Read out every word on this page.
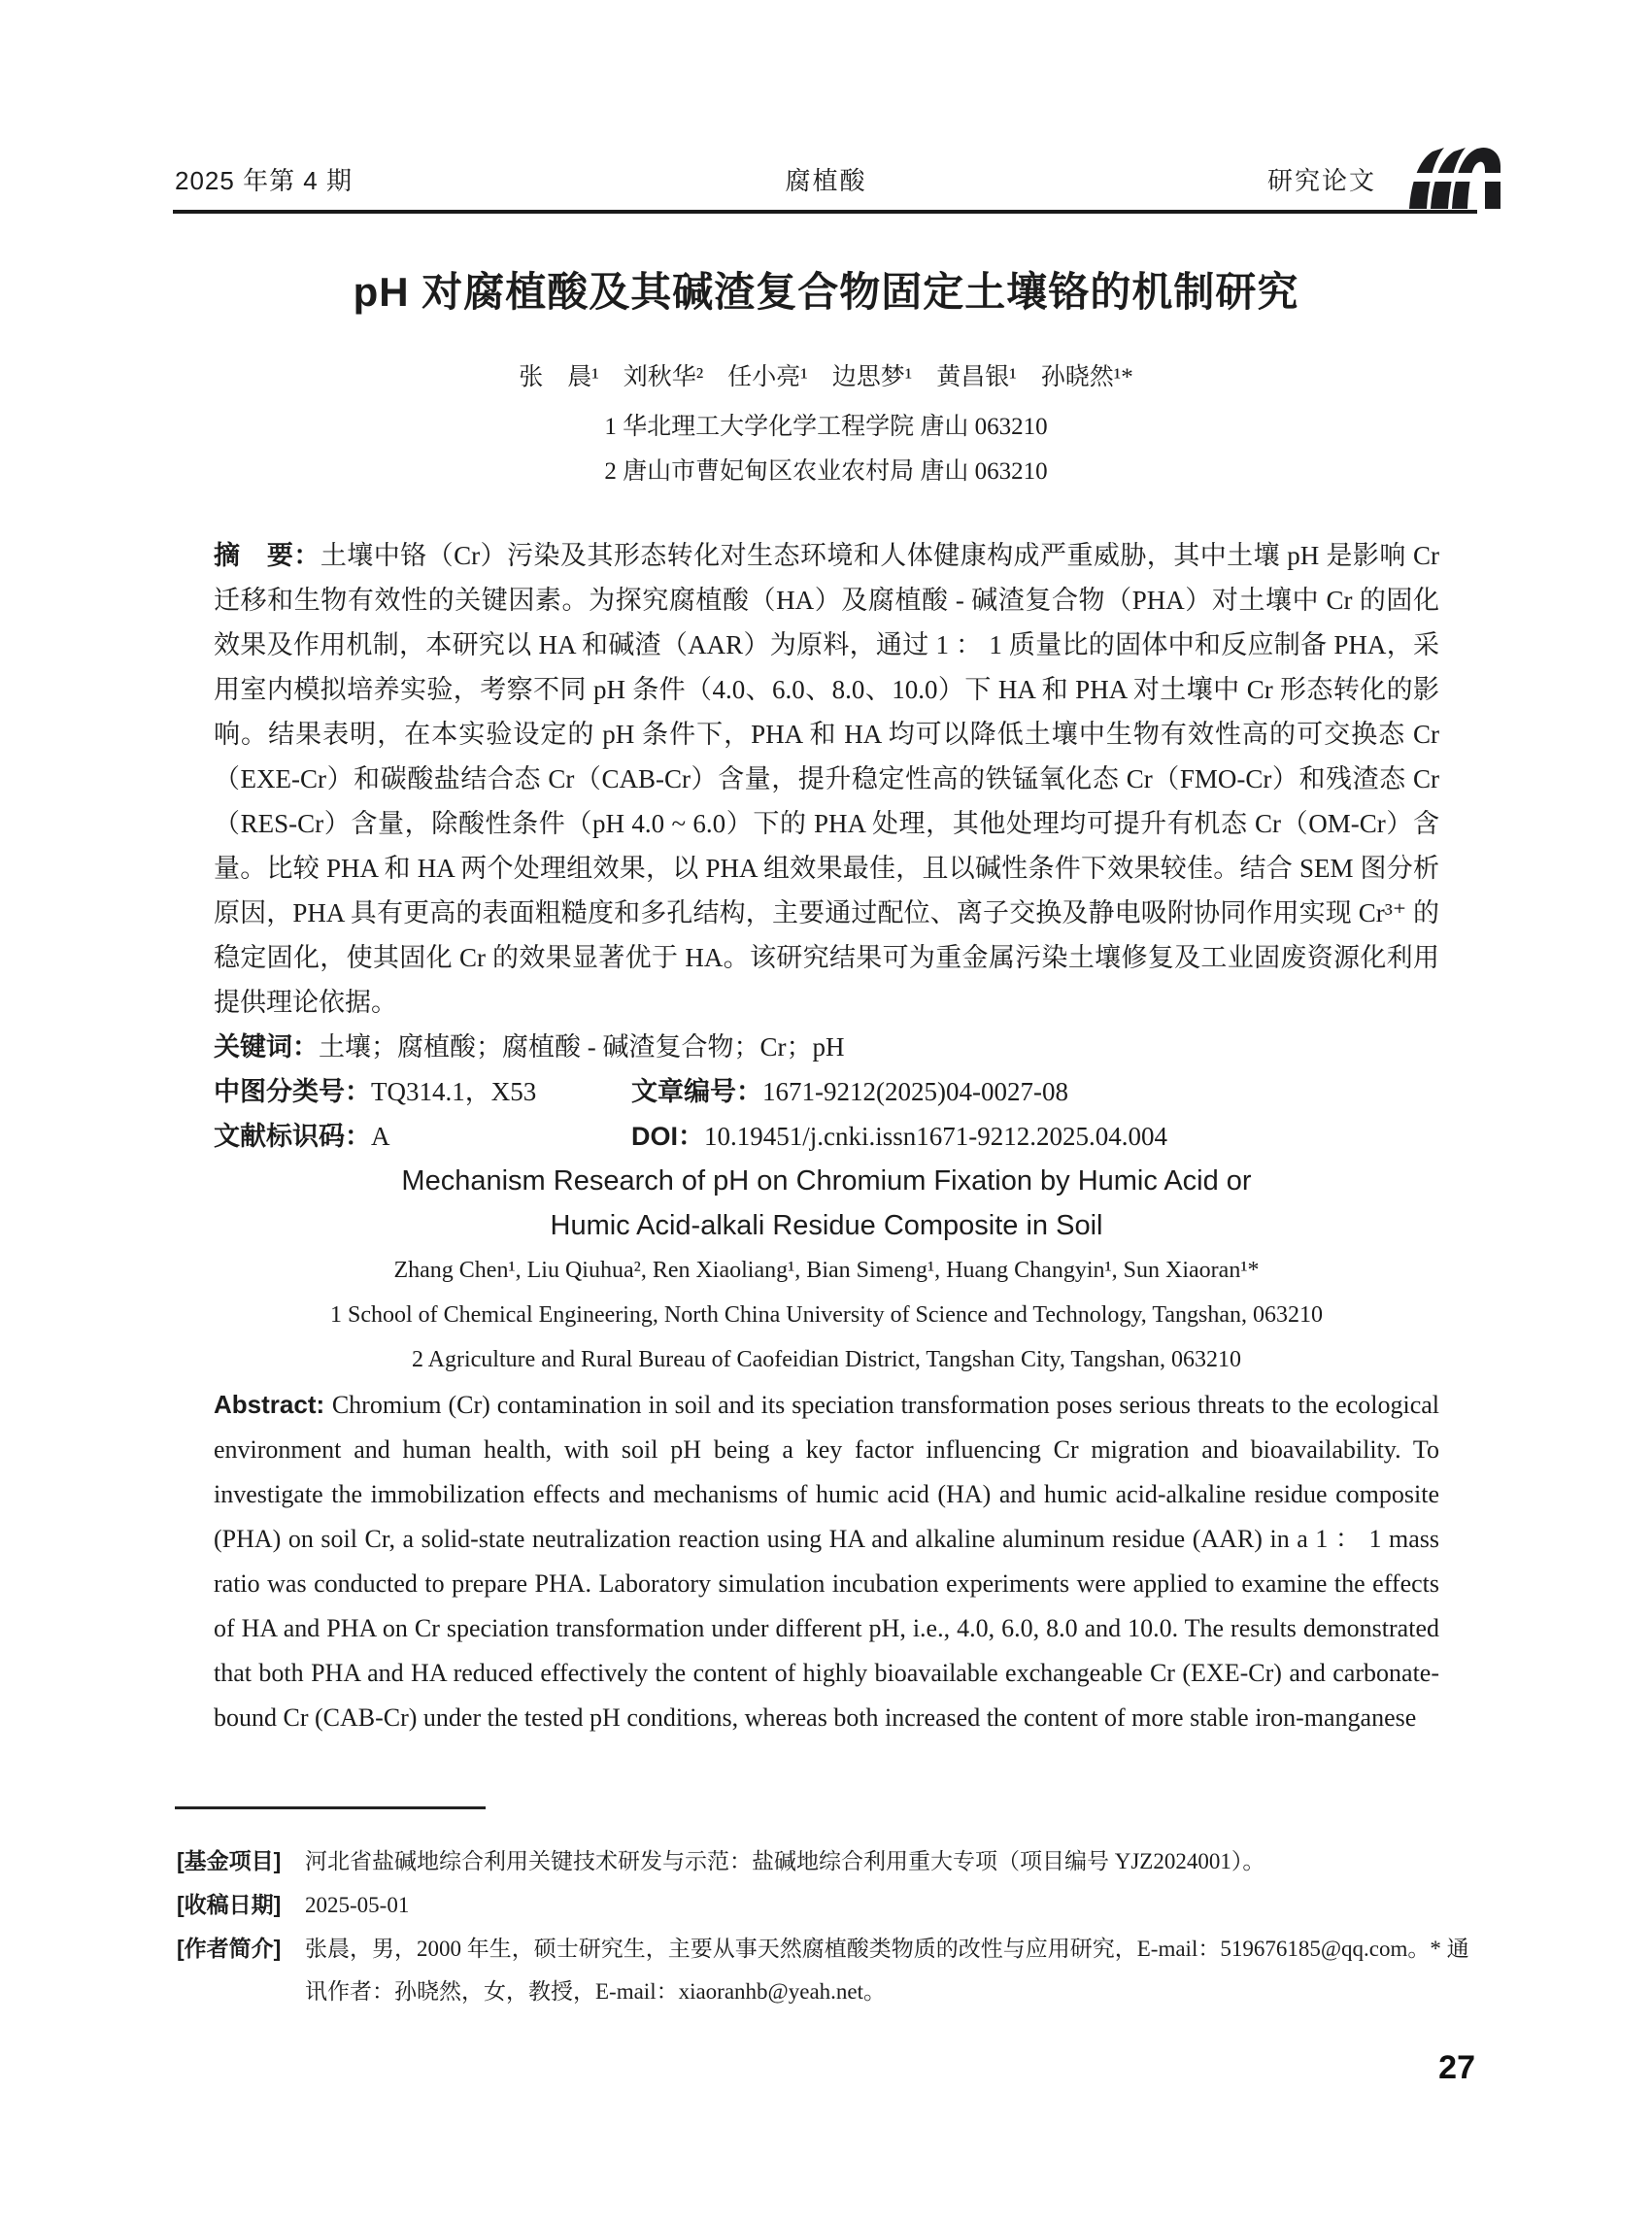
2025 年第 4 期	腐植酸	研究论文
pH 对腐植酸及其碱渣复合物固定土壤铬的机制研究
张　晨¹　刘秋华²　任小亮¹　边思梦¹　黄昌银¹　孙晓然¹*
1 华北理工大学化学工程学院 唐山 063210
2 唐山市曹妃甸区农业农村局 唐山 063210

摘　要：土壤中铬（Cr）污染及其形态转化对生态环境和人体健康构成严重威胁，其中土壤 pH 是影响 Cr 迁移和生物有效性的关键因素。为探究腐植酸（HA）及腐植酸 - 碱渣复合物（PHA）对土壤中 Cr 的固化效果及作用机制，本研究以 HA 和碱渣（AAR）为原料，通过 1 ： 1 质量比的固体中和反应制备 PHA，采用室内模拟培养实验，考察不同 pH 条件（4.0、6.0、8.0、10.0）下 HA 和 PHA 对土壤中 Cr 形态转化的影响。结果表明，在本实验设定的 pH 条件下，PHA 和 HA 均可以降低土壤中生物有效性高的可交换态 Cr（EXE-Cr）和碳酸盐结合态 Cr（CAB-Cr）含量，提升稳定性高的铁锰氧化态 Cr（FMO-Cr）和残渣态 Cr（RES-Cr）含量，除酸性条件（pH 4.0 ~ 6.0）下的 PHA 处理，其他处理均可提升有机态 Cr（OM-Cr）含量。比较 PHA 和 HA 两个处理组效果，以 PHA 组效果最佳，且以碱性条件下效果较佳。结合 SEM 图分析原因，PHA 具有更高的表面粗糙度和多孔结构，主要通过配位、离子交换及静电吸附协同作用实现 Cr³⁺ 的稳定固化，使其固化 Cr 的效果显著优于 HA。该研究结果可为重金属污染土壤修复及工业固废资源化利用提供理论依据。

关键词：土壤；腐植酸；腐植酸 - 碱渣复合物；Cr；pH

中图分类号：TQ314.1，X53	文章编号：1671-9212(2025)04-0027-08
文献标识码：A	DOI：10.19451/j.cnki.issn1671-9212.2025.04.004
Mechanism Research of pH on Chromium Fixation by Humic Acid or
Humic Acid-alkali Residue Composite in Soil
Zhang Chen¹, Liu Qiuhua², Ren Xiaoliang¹, Bian Simeng¹, Huang Changyin¹, Sun Xiaoran¹*
1 School of Chemical Engineering, North China University of Science and Technology, Tangshan, 063210
2 Agriculture and Rural Bureau of Caofeidian District, Tangshan City, Tangshan, 063210

Abstract: Chromium (Cr) contamination in soil and its speciation transformation poses serious threats to the ecological environment and human health, with soil pH being a key factor influencing Cr migration and bioavailability. To investigate the immobilization effects and mechanisms of humic acid (HA) and humic acid-alkaline residue composite (PHA) on soil Cr, a solid-state neutralization reaction using HA and alkaline aluminum residue (AAR) in a 1 ： 1 mass ratio was conducted to prepare PHA. Laboratory simulation incubation experiments were applied to examine the effects of HA and PHA on Cr speciation transformation under different pH, i.e., 4.0, 6.0, 8.0 and 10.0. The results demonstrated that both PHA and HA reduced effectively the content of highly bioavailable exchangeable Cr (EXE-Cr) and carbonate-bound Cr (CAB-Cr) under the tested pH conditions, whereas both increased the content of more stable iron-manganese

[基金项目] 河北省盐碱地综合利用关键技术研发与示范：盐碱地综合利用重大专项（项目编号 YJZ2024001）。
[收稿日期] 2025-05-01
[作者简介] 张晨，男，2000 年生，硕士研究生，主要从事天然腐植酸类物质的改性与应用研究，E-mail：519676185@qq.com。* 通讯作者：孙晓然，女，教授，E-mail：xiaoranhb@yeah.net。
27
